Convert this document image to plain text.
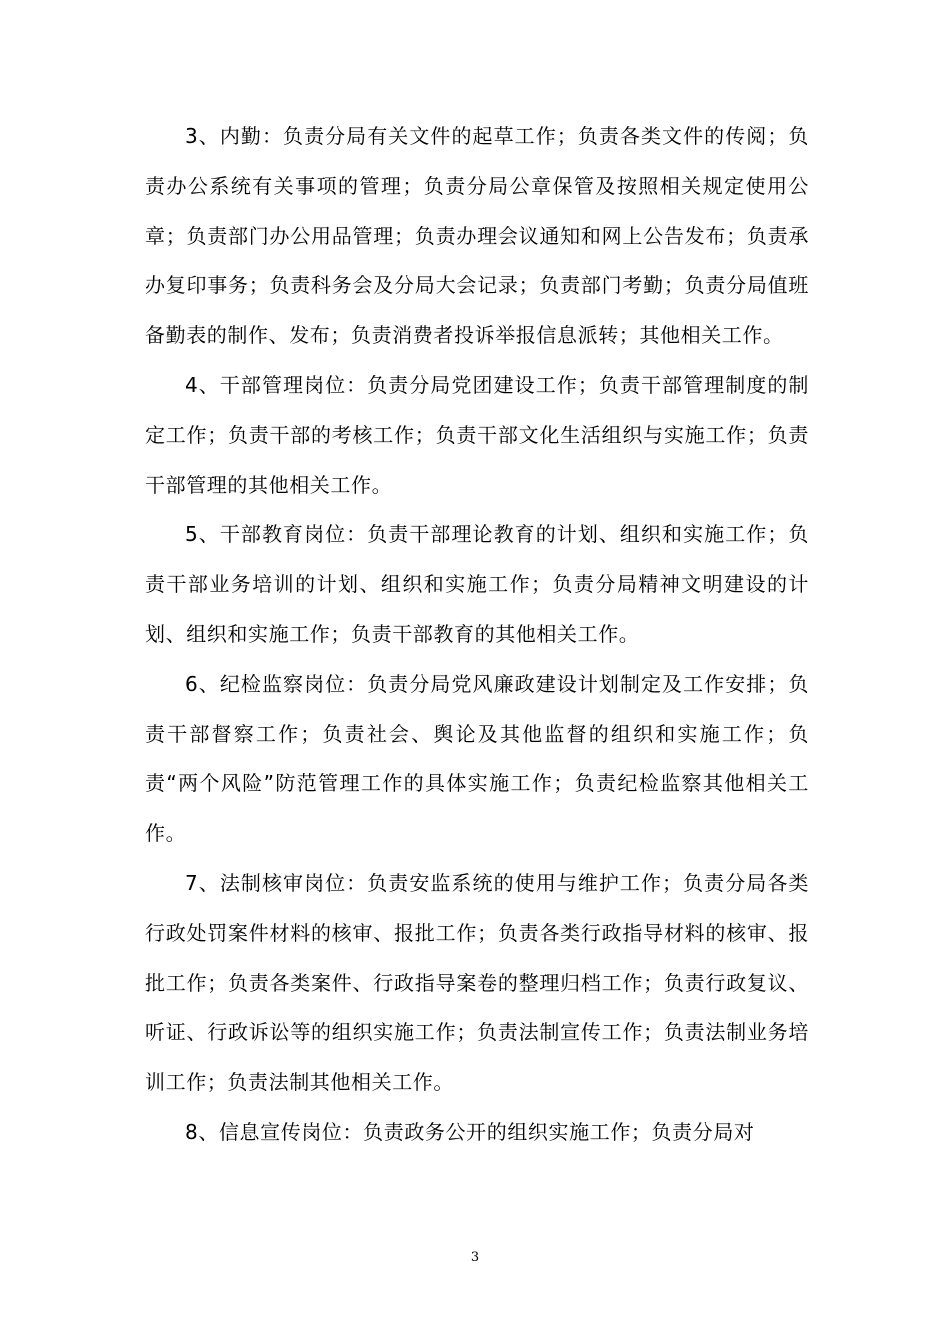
3、内勤：负责分局有关文件的起草工作；负责各类文件的传阅；负责办公系统有关事项的管理；负责分局公章保管及按照相关规定使用公章；负责部门办公用品管理；负责办理会议通知和网上公告发布；负责承办复印事务；负责科务会及分局大会记录；负责部门考勤；负责分局值班备勤表的制作、发布；负责消费者投诉举报信息派转；其他相关工作。

4、干部管理岗位：负责分局党团建设工作；负责干部管理制度的制定工作；负责干部的考核工作；负责干部文化生活组织与实施工作；负责干部管理的其他相关工作。

5、干部教育岗位：负责干部理论教育的计划、组织和实施工作；负责干部业务培训的计划、组织和实施工作；负责分局精神文明建设的计划、组织和实施工作；负责干部教育的其他相关工作。

6、纪检监察岗位：负责分局党风廉政建设计划制定及工作安排；负责干部督察工作；负责社会、舆论及其他监督的组织和实施工作；负责“两个风险”防范管理工作的具体实施工作；负责纪检监察其他相关工作。

7、法制核审岗位：负责安监系统的使用与维护工作；负责分局各类行政处罚案件材料的核审、报批工作；负责各类行政指导材料的核审、报批工作；负责各类案件、行政指导案卷的整理归档工作；负责行政复议、听证、行政诉讼等的组织实施工作；负责法制宣传工作；负责法制业务培训工作；负责法制其他相关工作。

8、信息宣传岗位：负责政务公开的组织实施工作；负责分局对

3
